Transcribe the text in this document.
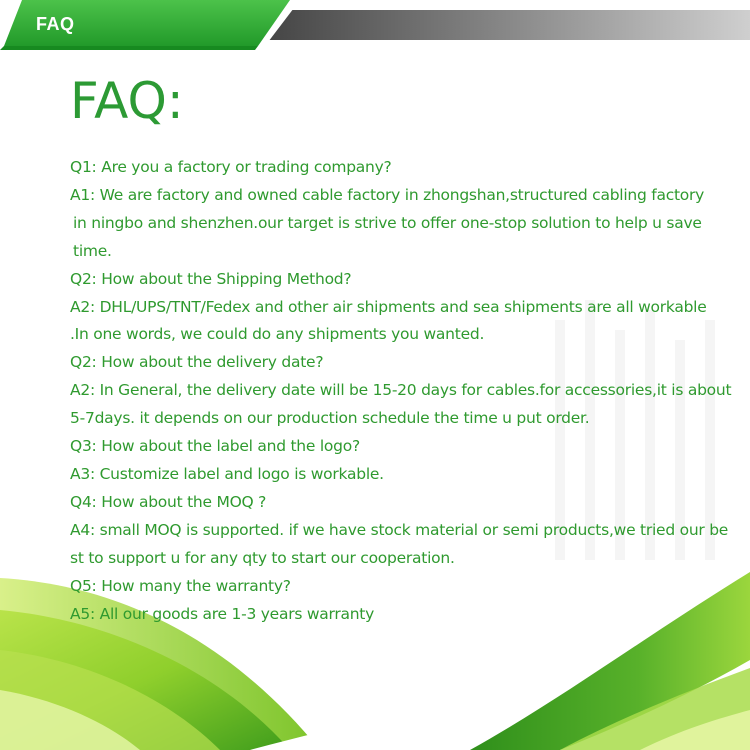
FAQ
FAQ:
Q1: Are you a factory or trading company?
A1: We are factory and owned cable factory in zhongshan,structured cabling factory
in ningbo and shenzhen.our target is strive to offer one-stop solution to help u save
time.
Q2: How about the Shipping Method?
A2: DHL/UPS/TNT/Fedex and other air shipments and sea shipments are all workable
.In one words, we could do any shipments you wanted.
Q2: How about the delivery date?
A2: In General, the delivery date will be 15-20 days for cables.for accessories,it is about
5-7days. it depends on our production schedule the time u put order.
Q3: How about the label and the logo?
A3: Customize label and logo is workable.
Q4: How about the MOQ ?
A4: small MOQ is supported. if we have stock material or semi products,we tried our be
st to support u for any qty to start our cooperation.
Q5: How many the warranty?
A5: All our goods are 1-3 years warranty
